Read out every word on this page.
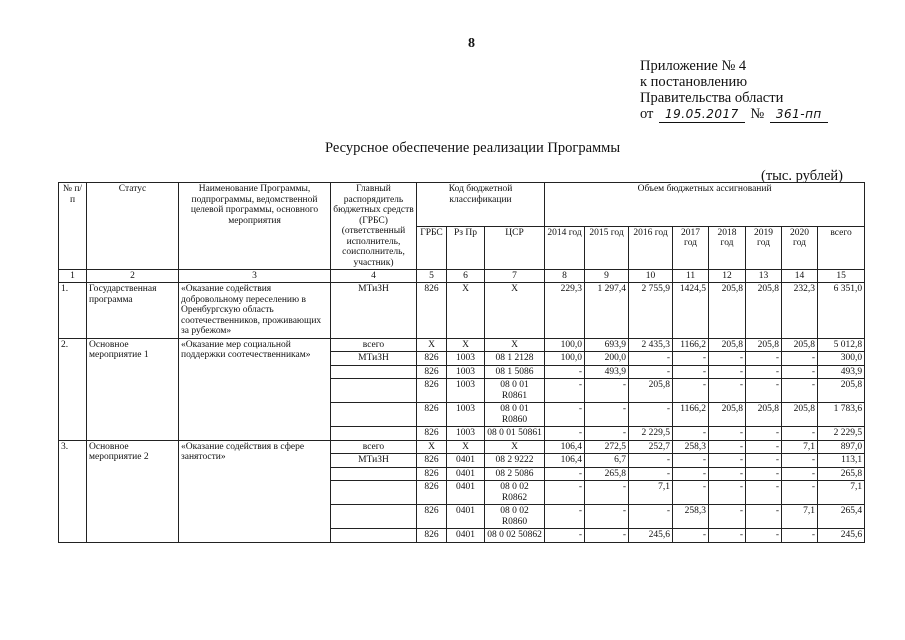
8
Приложение № 4
к постановлению
Правительства области
от 19.05.2017 № 361-пп
Ресурсное обеспечение реализации Программы
(тыс. рублей)
№ п/п	Статус	Наименование Программы, подпрограммы, ведомственной целевой программы, основного мероприятия	Главный распорядитель бюджетных средств (ГРБС) (ответственный исполнитель, соисполнитель, участник)	Код бюджетной классификации			Объем бюджетных ассигнований							
				ГРБС	Рз Пр	ЦСР	2014 год	2015 год	2016 год	2017 год	2018 год	2019 год	2020 год	всего
1	2	3	4	5	6	7	8	9	10	11	12	13	14	15
1.	Государственная программа	«Оказание содействия добровольному переселению в Оренбургскую область соотечественников, проживающих за рубежом»	МТиЗН	826	Х	Х	229,3	1 297,4	2 755,9	1424,5	205,8	205,8	232,3	6 351,0
2.	Основное мероприятие 1	«Оказание мер социальной поддержки соотечественникам»	всего	Х	Х	Х	100,0	693,9	2 435,3	1166,2	205,8	205,8	205,8	5 012,8
			МТиЗН	826	1003	08 1 2128	100,0	200,0	-	-	-	-	-	300,0
				826	1003	08 1 5086	-	493,9	-	-	-	-	-	493,9
				826	1003	08 0 01 R0861	-	-	205,8	-	-	-	-	205,8
				826	1003	08 0 01 R0860	-	-	-	1166,2	205,8	205,8	205,8	1 783,6
				826	1003	08 0 01 50861	-	-	2 229,5	-	-	-	-	2 229,5
3.	Основное мероприятие 2	«Оказание содействия в сфере занятости»	всего	Х	Х	Х	106,4	272,5	252,7	258,3	-	-	7,1	897,0
			МТиЗН	826	0401	08 2 9222	106,4	6,7	-	-	-	-	-	113,1
				826	0401	08 2 5086	-	265,8	-	-	-	-	-	265,8
				826	0401	08 0 02 R0862	-	-	7,1	-	-	-	-	7,1
				826	0401	08 0 02 R0860	-	-	-	258,3	-	-	7,1	265,4
				826	0401	08 0 02 50862	-	-	245,6	-	-	-	-	245,6
